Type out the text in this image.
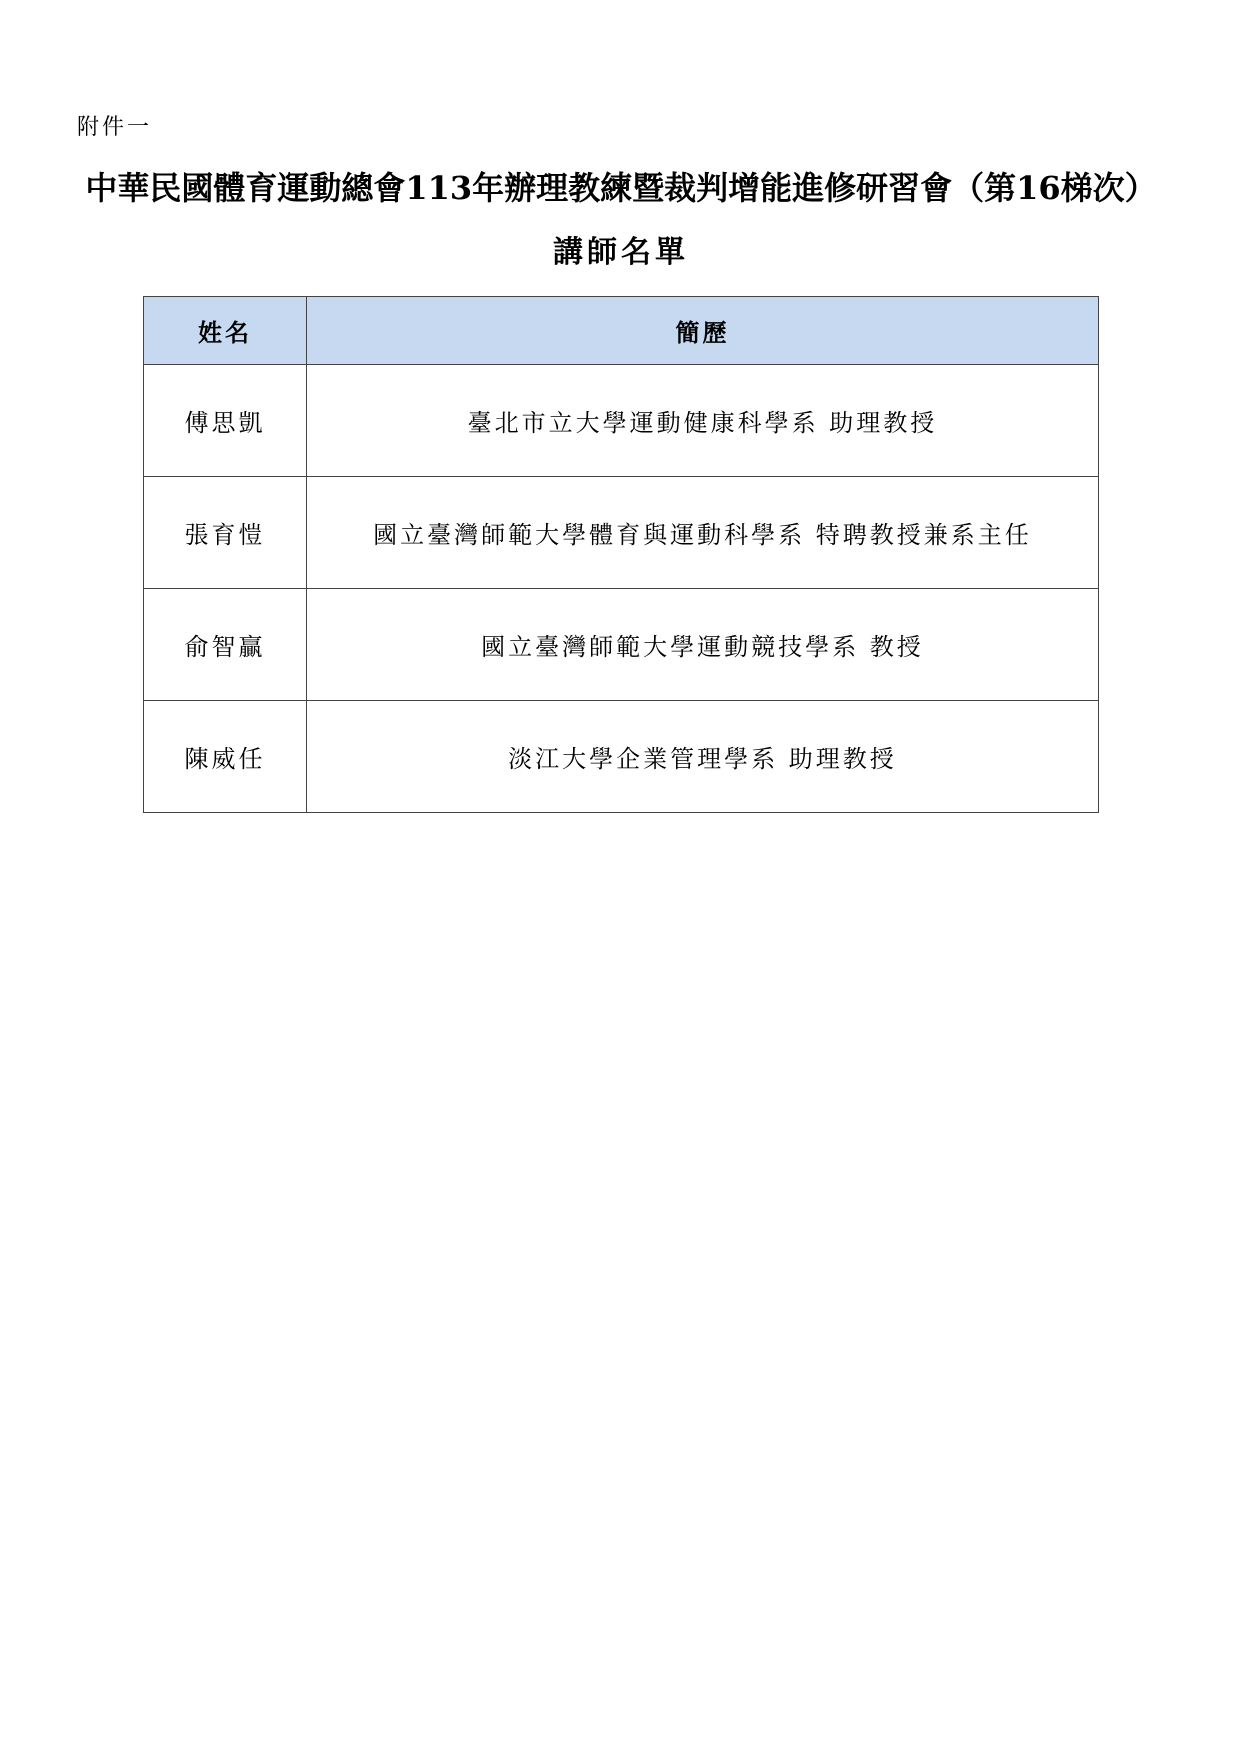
附件一
中華民國體育運動總會113年辦理教練暨裁判增能進修研習會（第16梯次）
講師名單
姓名	簡歷
傅思凱	臺北市立大學運動健康科學系 助理教授
張育愷	國立臺灣師範大學體育與運動科學系 特聘教授兼系主任
俞智贏	國立臺灣師範大學運動競技學系 教授
陳威任	淡江大學企業管理學系 助理教授
